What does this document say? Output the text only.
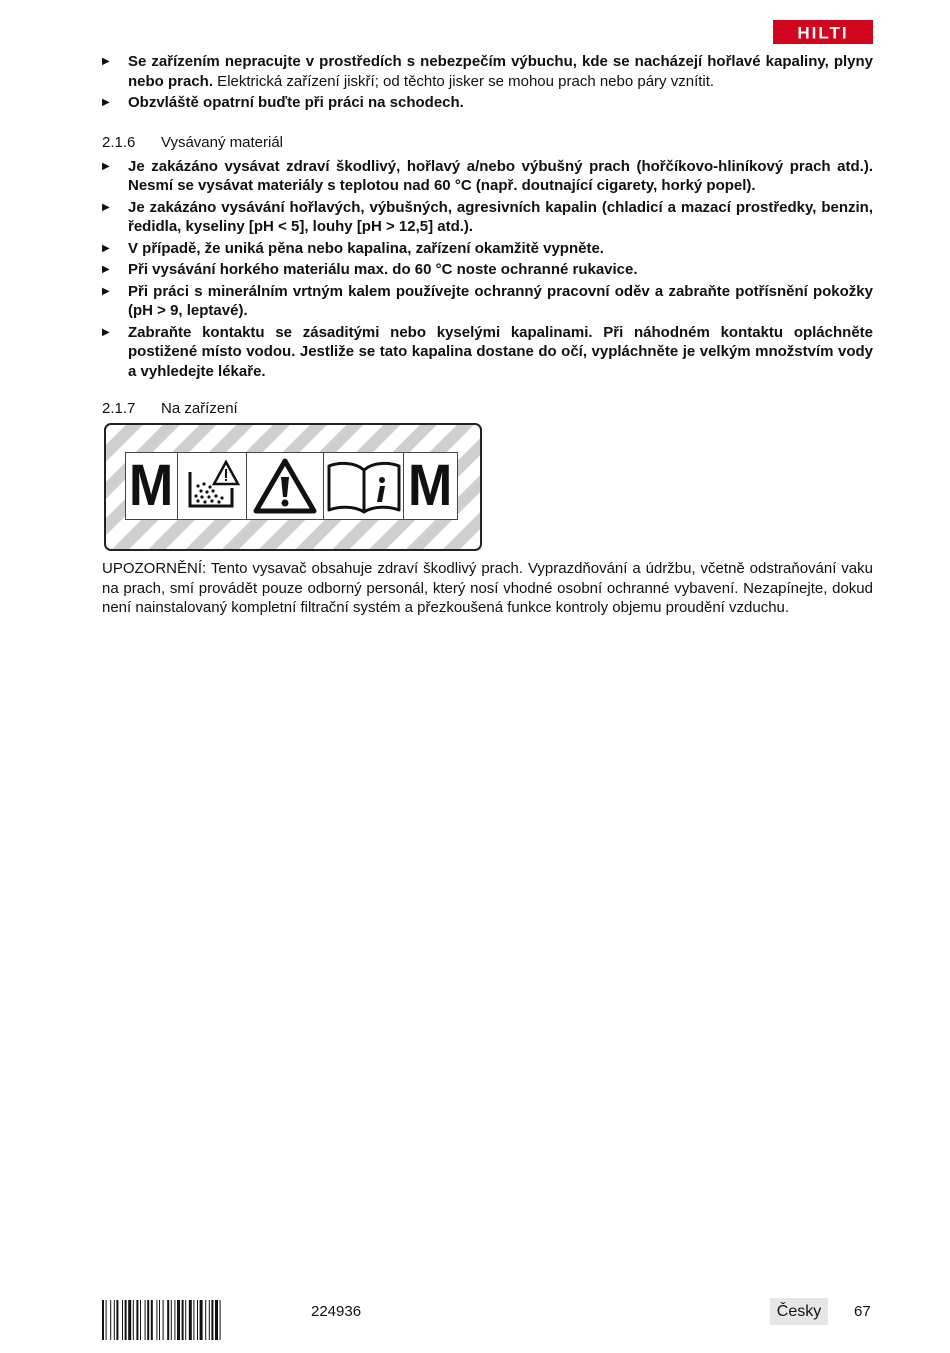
HILTI
▶ Se zařízením nepracujte v prostředích s nebezpečím výbuchu, kde se nacházejí hořlavé kapaliny, plyny nebo prach. Elektrická zařízení jiskří; od těchto jisker se mohou prach nebo páry vznítit.
▶ Obzvláště opatrní buďte při práci na schodech.
2.1.6	Vysávaný materiál
▶ Je zakázáno vysávat zdraví škodlivý, hořlavý a/nebo výbušný prach (hořčíkovo-hliníkový prach atd.). Nesmí se vysávat materiály s teplotou nad 60 °C (např. doutnající cigarety, horký popel).
▶ Je zakázáno vysávání hořlavých, výbušných, agresivních kapalin (chladicí a mazací prostředky, benzin, ředidla, kyseliny [pH < 5], louhy [pH > 12,5] atd.).
▶ V případě, že uniká pěna nebo kapalina, zařízení okamžitě vypněte.
▶ Při vysávání horkého materiálu max. do 60 °C noste ochranné rukavice.
▶ Při práci s minerálním vrtným kalem používejte ochranný pracovní oděv a zabraňte potřísnění pokožky (pH > 9, leptavé).
▶ Zabraňte kontaktu se zásaditými nebo kyselými kapalinami. Při náhodném kontaktu opláchněte postižené místo vodou. Jestliže se tato kapalina dostane do očí, vypláchněte je velkým množstvím vody a vyhledejte lékaře.
2.1.7	Na zařízení
M	M

UPOZORNĚNÍ: Tento vysavač obsahuje zdraví škodlivý prach. Vyprazdňování a údržbu, včetně odstraňování vaku na prach, smí provádět pouze odborný personál, který nosí vhodné osobní ochranné vybavení. Nezapínejte, dokud není nainstalovaný kompletní filtrační systém a přezkoušená funkce kontroly objemu proudění vzduchu.

224936	Česky	67
